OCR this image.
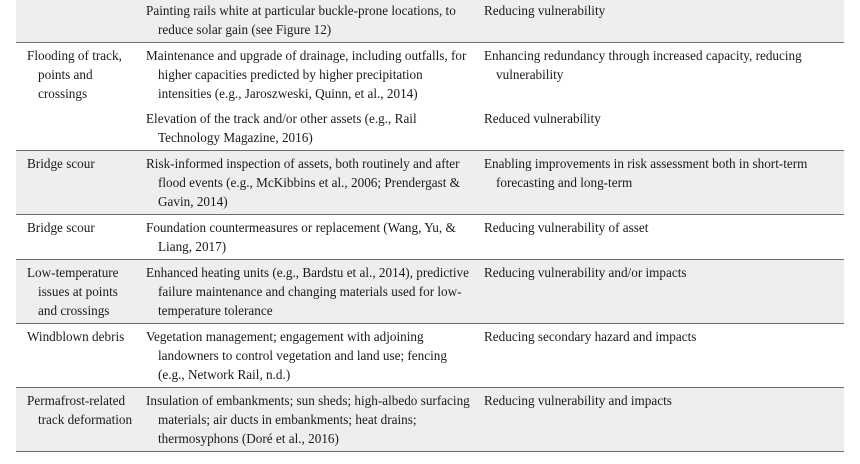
	Painting rails white at particular buckle-prone locations, to reduce solar gain (see Figure 12)	Reducing vulnerability

Flooding of track, points and crossings	Maintenance and upgrade of drainage, including outfalls, for higher capacities predicted by higher precipitation intensities (e.g., Jaroszweski, Quinn, et al., 2014)	Enhancing redundancy through increased capacity, reducing vulnerability

	Elevation of the track and/or other assets (e.g., Rail Technology Magazine, 2016)	Reduced vulnerability

Bridge scour	Risk-informed inspection of assets, both routinely and after flood events (e.g., McKibbins et al., 2006; Prendergast & Gavin, 2014)	Enabling improvements in risk assessment both in short-term forecasting and long-term

Bridge scour	Foundation countermeasures or replacement (Wang, Yu, & Liang, 2017)	Reducing vulnerability of asset

Low-temperature issues at points and crossings	Enhanced heating units (e.g., Bardstu et al., 2014), predictive failure maintenance and changing materials used for low-temperature tolerance	Reducing vulnerability and/or impacts

Windblown debris	Vegetation management; engagement with adjoining landowners to control vegetation and land use; fencing (e.g., Network Rail, n.d.)	Reducing secondary hazard and impacts

Permafrost-related track deformation	Insulation of embankments; sun sheds; high-albedo surfacing materials; air ducts in embankments; heat drains; thermosyphons (Doré et al., 2016)	Reducing vulnerability and impacts
